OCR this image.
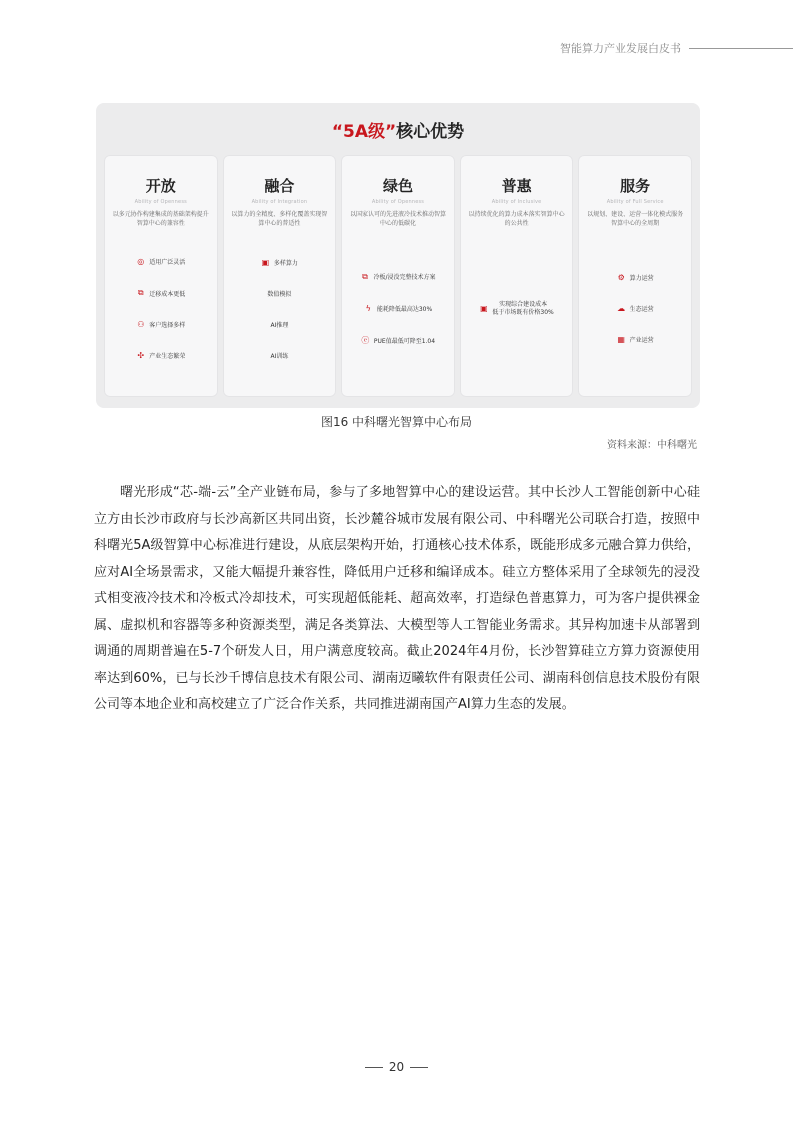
智能算力产业发展白皮书
“5A级”核心优势
开放
Ability of Openness
以多元协作构建集成的基础架构提升智算中心的兼容性
◎ 适用广泛灵活
⧉ 迁移成本更低
⚇ 客户选择多样
✣ 产业生态繁荣
融合
Ability of Integration
以算力的全精度、多样化覆盖实现智算中心的普适性
▣ 多样算力
数值模拟
AI推理
AI训练
绿色
Ability of Openness
以国家认可的先进液冷技术推动智算中心的低碳化
⧉ 冷板/浸没完整技术方案
ϟ 能耗降低最高达30%
ⓔ PUE值最低可降至1.04
普惠
Ability of Inclusive
以持续优化的算力成本落实智算中心的公共性
▣	实现综合建设成本
低于市场既有价格30%
服务
Ability of Full Service
以规划、建设、运营一体化模式服务智算中心的全周期
⚙ 算力运营
☁ 生态运营
▦ 产业运营
图16 中科曙光智算中心布局
资料来源：中科曙光

曙光形成“芯-端-云”全产业链布局，参与了多地智算中心的建设运营。其中长沙人工智能创新中心硅立方由长沙市政府与长沙高新区共同出资，长沙麓谷城市发展有限公司、中科曙光公司联合打造，按照中科曙光5A级智算中心标准进行建设，从底层架构开始，打通核心技术体系，既能形成多元融合算力供给，应对AI全场景需求，又能大幅提升兼容性，降低用户迁移和编译成本。硅立方整体采用了全球领先的浸没式相变液冷技术和冷板式冷却技术，可实现超低能耗、超高效率，打造绿色普惠算力，可为客户提供裸金属、虚拟机和容器等多种资源类型，满足各类算法、大模型等人工智能业务需求。其异构加速卡从部署到调通的周期普遍在5-7个研发人日，用户满意度较高。截止2024年4月份，长沙智算硅立方算力资源使用率达到60%，已与长沙千博信息技术有限公司、湖南迈曦软件有限责任公司、湖南科创信息技术股份有限公司等本地企业和高校建立了广泛合作关系，共同推进湖南国产AI算力生态的发展。

20
